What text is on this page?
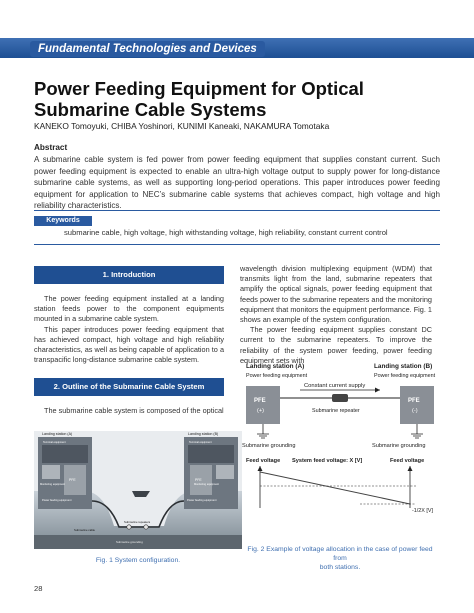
Fundamental Technologies and Devices
Power Feeding Equipment for Optical Submarine Cable Systems
KANEKO Tomoyuki, CHIBA Yoshinori, KUNIMI Kaneaki, NAKAMURA Tomotaka
Abstract
A submarine cable system is fed power from power feeding equipment that supplies constant current. Such power feeding equipment is expected to enable an ultra-high voltage output to supply power for long-distance submarine cable systems, as well as supporting long-period operations. This paper introduces power feeding equipment for application to NEC’s submarine cable systems that achieves compact, high voltage and high reliability characteristics.
Keywords
submarine cable, high voltage, high withstanding voltage, high reliability, constant current control
1. Introduction

The power feeding equipment installed at a landing station feeds power to the component equipments mounted in a submarine cable system.

This paper introduces power feeding equipment that has achieved compact, high voltage and high reliability characteristics, as well as being capable of application to a transpacific long-distance submarine cable system.

2. Outline of the Submarine Cable System

The submarine cable system is composed of the optical

wavelength division multiplexing equipment (WDM) that transmits light from the land, submarine repeaters that amplify the optical signals, power feeding equipment that feeds power to the submarine repeaters and the monitoring equipment that monitors the equipment performance. Fig. 1 shows an example of the system configuration.

The power feeding equipment supplies constant DC current to the submarine repeaters. To improve the reliability of the system power feeding, power feeding equipment sets with

Landing station (A)	Landing station (B)
Terminal equipment	Terminal equipment
PFE	PFE
Monitoring equipment	Monitoring equipment
Power feeding equipment	Power feeding equipment
Submarine repeaters
Submarine cable
Submarine grounding
Fig. 1 System configuration.
Landing station (A)	Landing station (B)
Power feeding equipment	Power feeding equipment
PFE	PFE
(+)	(-)
Constant current supply
Submarine repeater
Submarine grounding	Submarine grounding
Feed voltage System feed voltage: X [V]	Feed voltage
-1/2X [V]
Fig. 2 Example of voltage allocation in the case of power feed from
both stations.
28
